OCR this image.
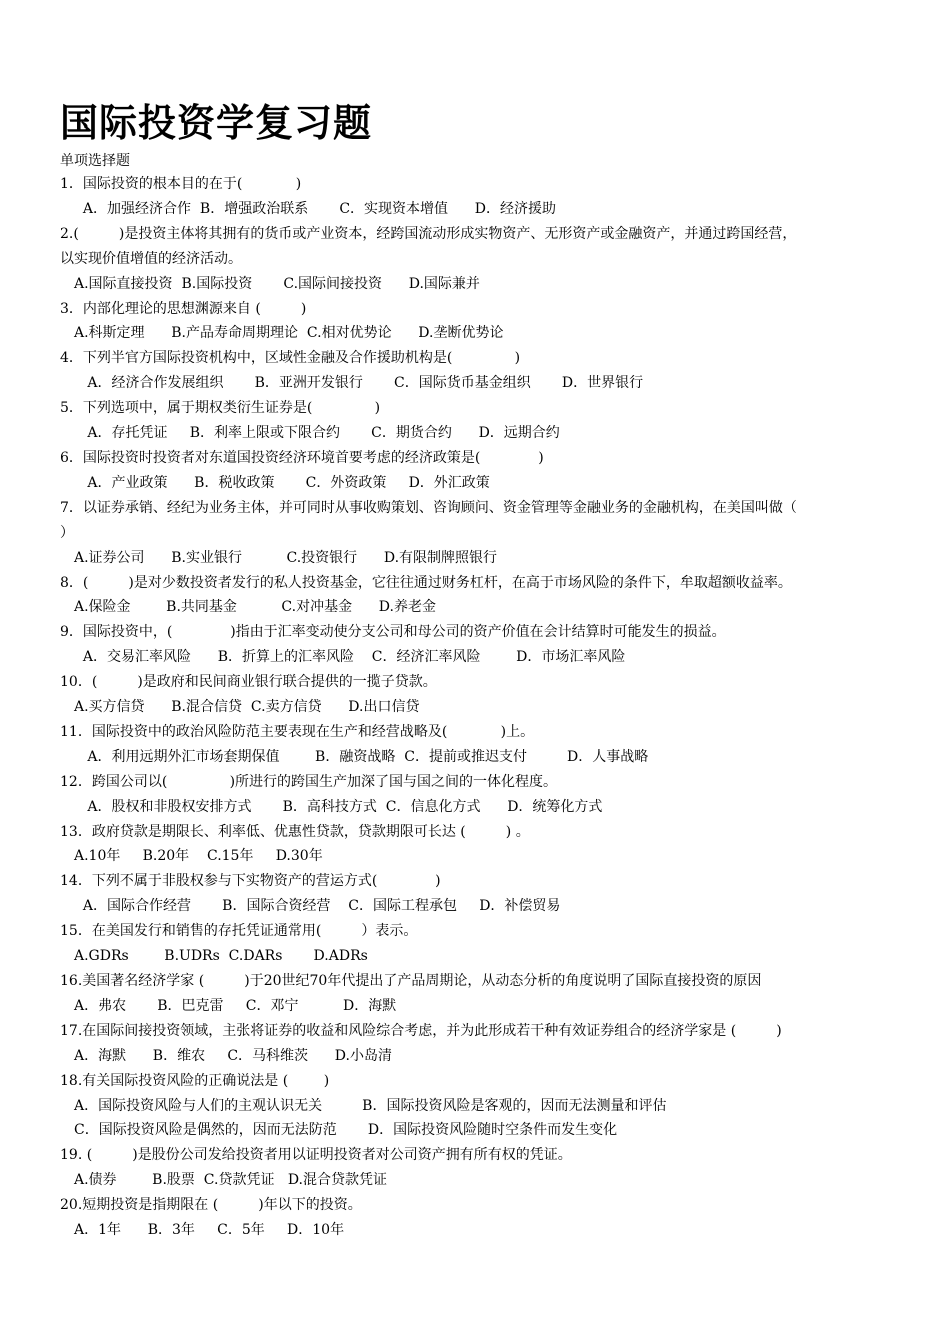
国际投资学复习题

单项选择题

1．国际投资的根本目的在于(            )

A．加强经济合作  B．增强政治联系       C．实现资本增值      D．经济援助

2.(         )是投资主体将其拥有的货币或产业资本，经跨国流动形成实物资产、无形资产或金融资产，并通过跨国经营，

以实现价值增值的经济活动。

A.国际直接投资  B.国际投资       C.国际间接投资      D.国际兼并

3．内部化理论的思想渊源来自 (         )

A.科斯定理      B.产品寿命周期理论  C.相对优势论      D.垄断优势论

4．下列半官方国际投资机构中，区域性金融及合作援助机构是(              )

A．经济合作发展组织       B．亚洲开发银行       C．国际货币基金组织       D．世界银行

5．下列选项中，属于期权类衍生证券是(              )

A．存托凭证     B．利率上限或下限合约       C．期货合约      D．远期合约

6．国际投资时投资者对东道国投资经济环境首要考虑的经济政策是(             )

A．产业政策      B．税收政策       C．外资政策     D．外汇政策

7．以证券承销、经纪为业务主体，并可同时从事收购策划、咨询顾问、资金管理等金融业务的金融机构，在美国叫做（

）

A.证券公司      B.实业银行          C.投资银行      D.有限制牌照银行

8．(         )是对少数投资者发行的私人投资基金，它往往通过财务杠杆，在高于市场风险的条件下，牟取超额收益率。

A.保险金        B.共同基金          C.对冲基金      D.养老金

9．国际投资中，(             )指由于汇率变动使分支公司和母公司的资产价值在会计结算时可能发生的损益。

A．交易汇率风险      B．折算上的汇率风险    C．经济汇率风险        D．市场汇率风险

10．(         )是政府和民间商业银行联合提供的一揽子贷款。

A.买方信贷      B.混合信贷  C.卖方信贷      D.出口信贷

11．国际投资中的政治风险防范主要表现在生产和经营战略及(            )上。

A．利用远期外汇市场套期保值        B．融资战略  C．提前或推迟支付         D．人事战略

12．跨国公司以(              )所进行的跨国生产加深了国与国之间的一体化程度。

A．股权和非股权安排方式       B．高科技方式  C．信息化方式      D．统筹化方式

13．政府贷款是期限长、利率低、优惠性贷款，贷款期限可长达 (         ) 。

A.10年     B.20年    C.15年     D.30年

14．下列不属于非股权参与下实物资产的营运方式(             )

A．国际合作经营       B．国际合资经营    C．国际工程承包     D．补偿贸易

15．在美国发行和销售的存托凭证通常用(         ）表示。

A.GDRs        B.UDRs  C.DARs       D.ADRs

16.美国著名经济学家 (         )于20世纪70年代提出了产品周期论，从动态分析的角度说明了国际直接投资的原因

A．弗农       B．巴克雷     C．邓宁          D．海默

17.在国际间接投资领域，主张将证券的收益和风险综合考虑，并为此形成若干种有效证券组合的经济学家是 (         )

A．海默      B．维农     C．马科维茨      D.小岛清

18.有关国际投资风险的正确说法是 (        )

A．国际投资风险与人们的主观认识无关         B．国际投资风险是客观的，因而无法测量和评估

C．国际投资风险是偶然的，因而无法防范       D．国际投资风险随时空条件而发生变化

19. (         )是股份公司发给投资者用以证明投资者对公司资产拥有所有权的凭证。

A.债券        B.股票  C.贷款凭证   D.混合贷款凭证

20.短期投资是指期限在 (         )年以下的投资。

A．1年      B．3年     C．5年     D．10年
